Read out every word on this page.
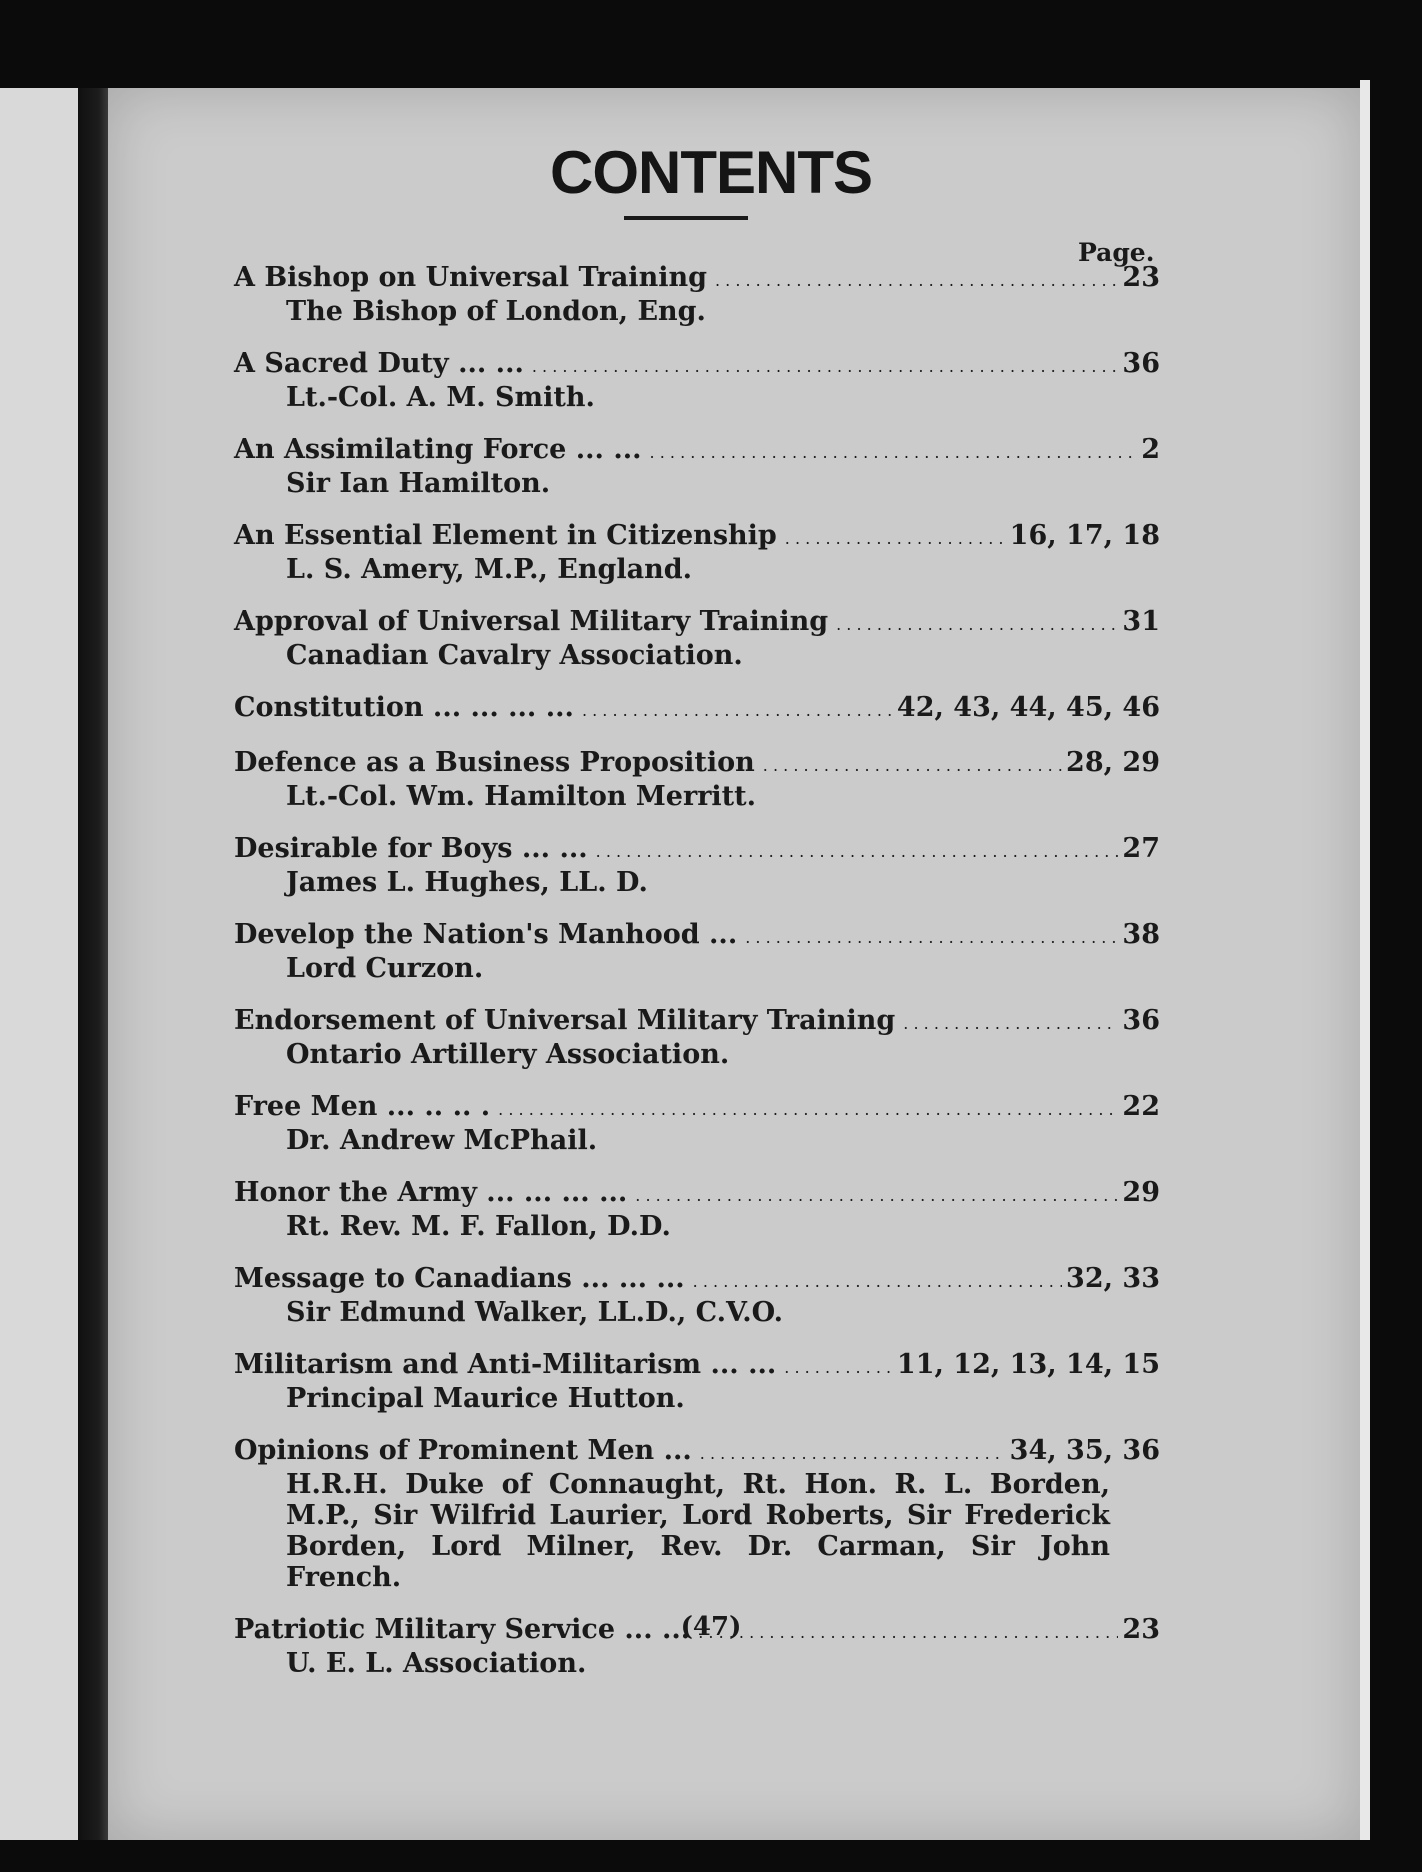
CONTENTS
Page.
A Bishop on Universal Training . . .	23
The Bishop of London, Eng.
A Sacred Duty ... ... . . .	36
Lt.-Col. A. M. Smith.
An Assimilating Force ... ... . . .	2
Sir Ian Hamilton.
An Essential Element in Citizenship . . .	16, 17, 18
L. S. Amery, M.P., England.
Approval of Universal Military Training . . .	31
Canadian Cavalry Association.
Constitution ... ... ... ... . . .	42, 43, 44, 45, 46
Defence as a Business Proposition . . .	28, 29
Lt.-Col. Wm. Hamilton Merritt.
Desirable for Boys ... ... . . .	27
James L. Hughes, LL. D.
Develop the Nation's Manhood ... . . .	38
Lord Curzon.
Endorsement of Universal Military Training . . .	36
Ontario Artillery Association.
Free Men ... .. .. . . . .	22
Dr. Andrew McPhail.
Honor the Army ... ... ... ... . . .	29
Rt. Rev. M. F. Fallon, D.D.
Message to Canadians ... ... ... . . .	32, 33
Sir Edmund Walker, LL.D., C.V.O.
Militarism and Anti-Militarism ... ... . . .	11, 12, 13, 14, 15
Principal Maurice Hutton.
Opinions of Prominent Men ... . . .	34, 35, 36
H.R.H. Duke of Connaught, Rt. Hon. R. L. Borden, M.P., Sir Wilfrid Laurier, Lord Roberts, Sir Frederick Borden, Lord Milner, Rev. Dr. Carman, Sir John French.
Patriotic Military Service ... ... . . .	23
U. E. L. Association.
(47)
